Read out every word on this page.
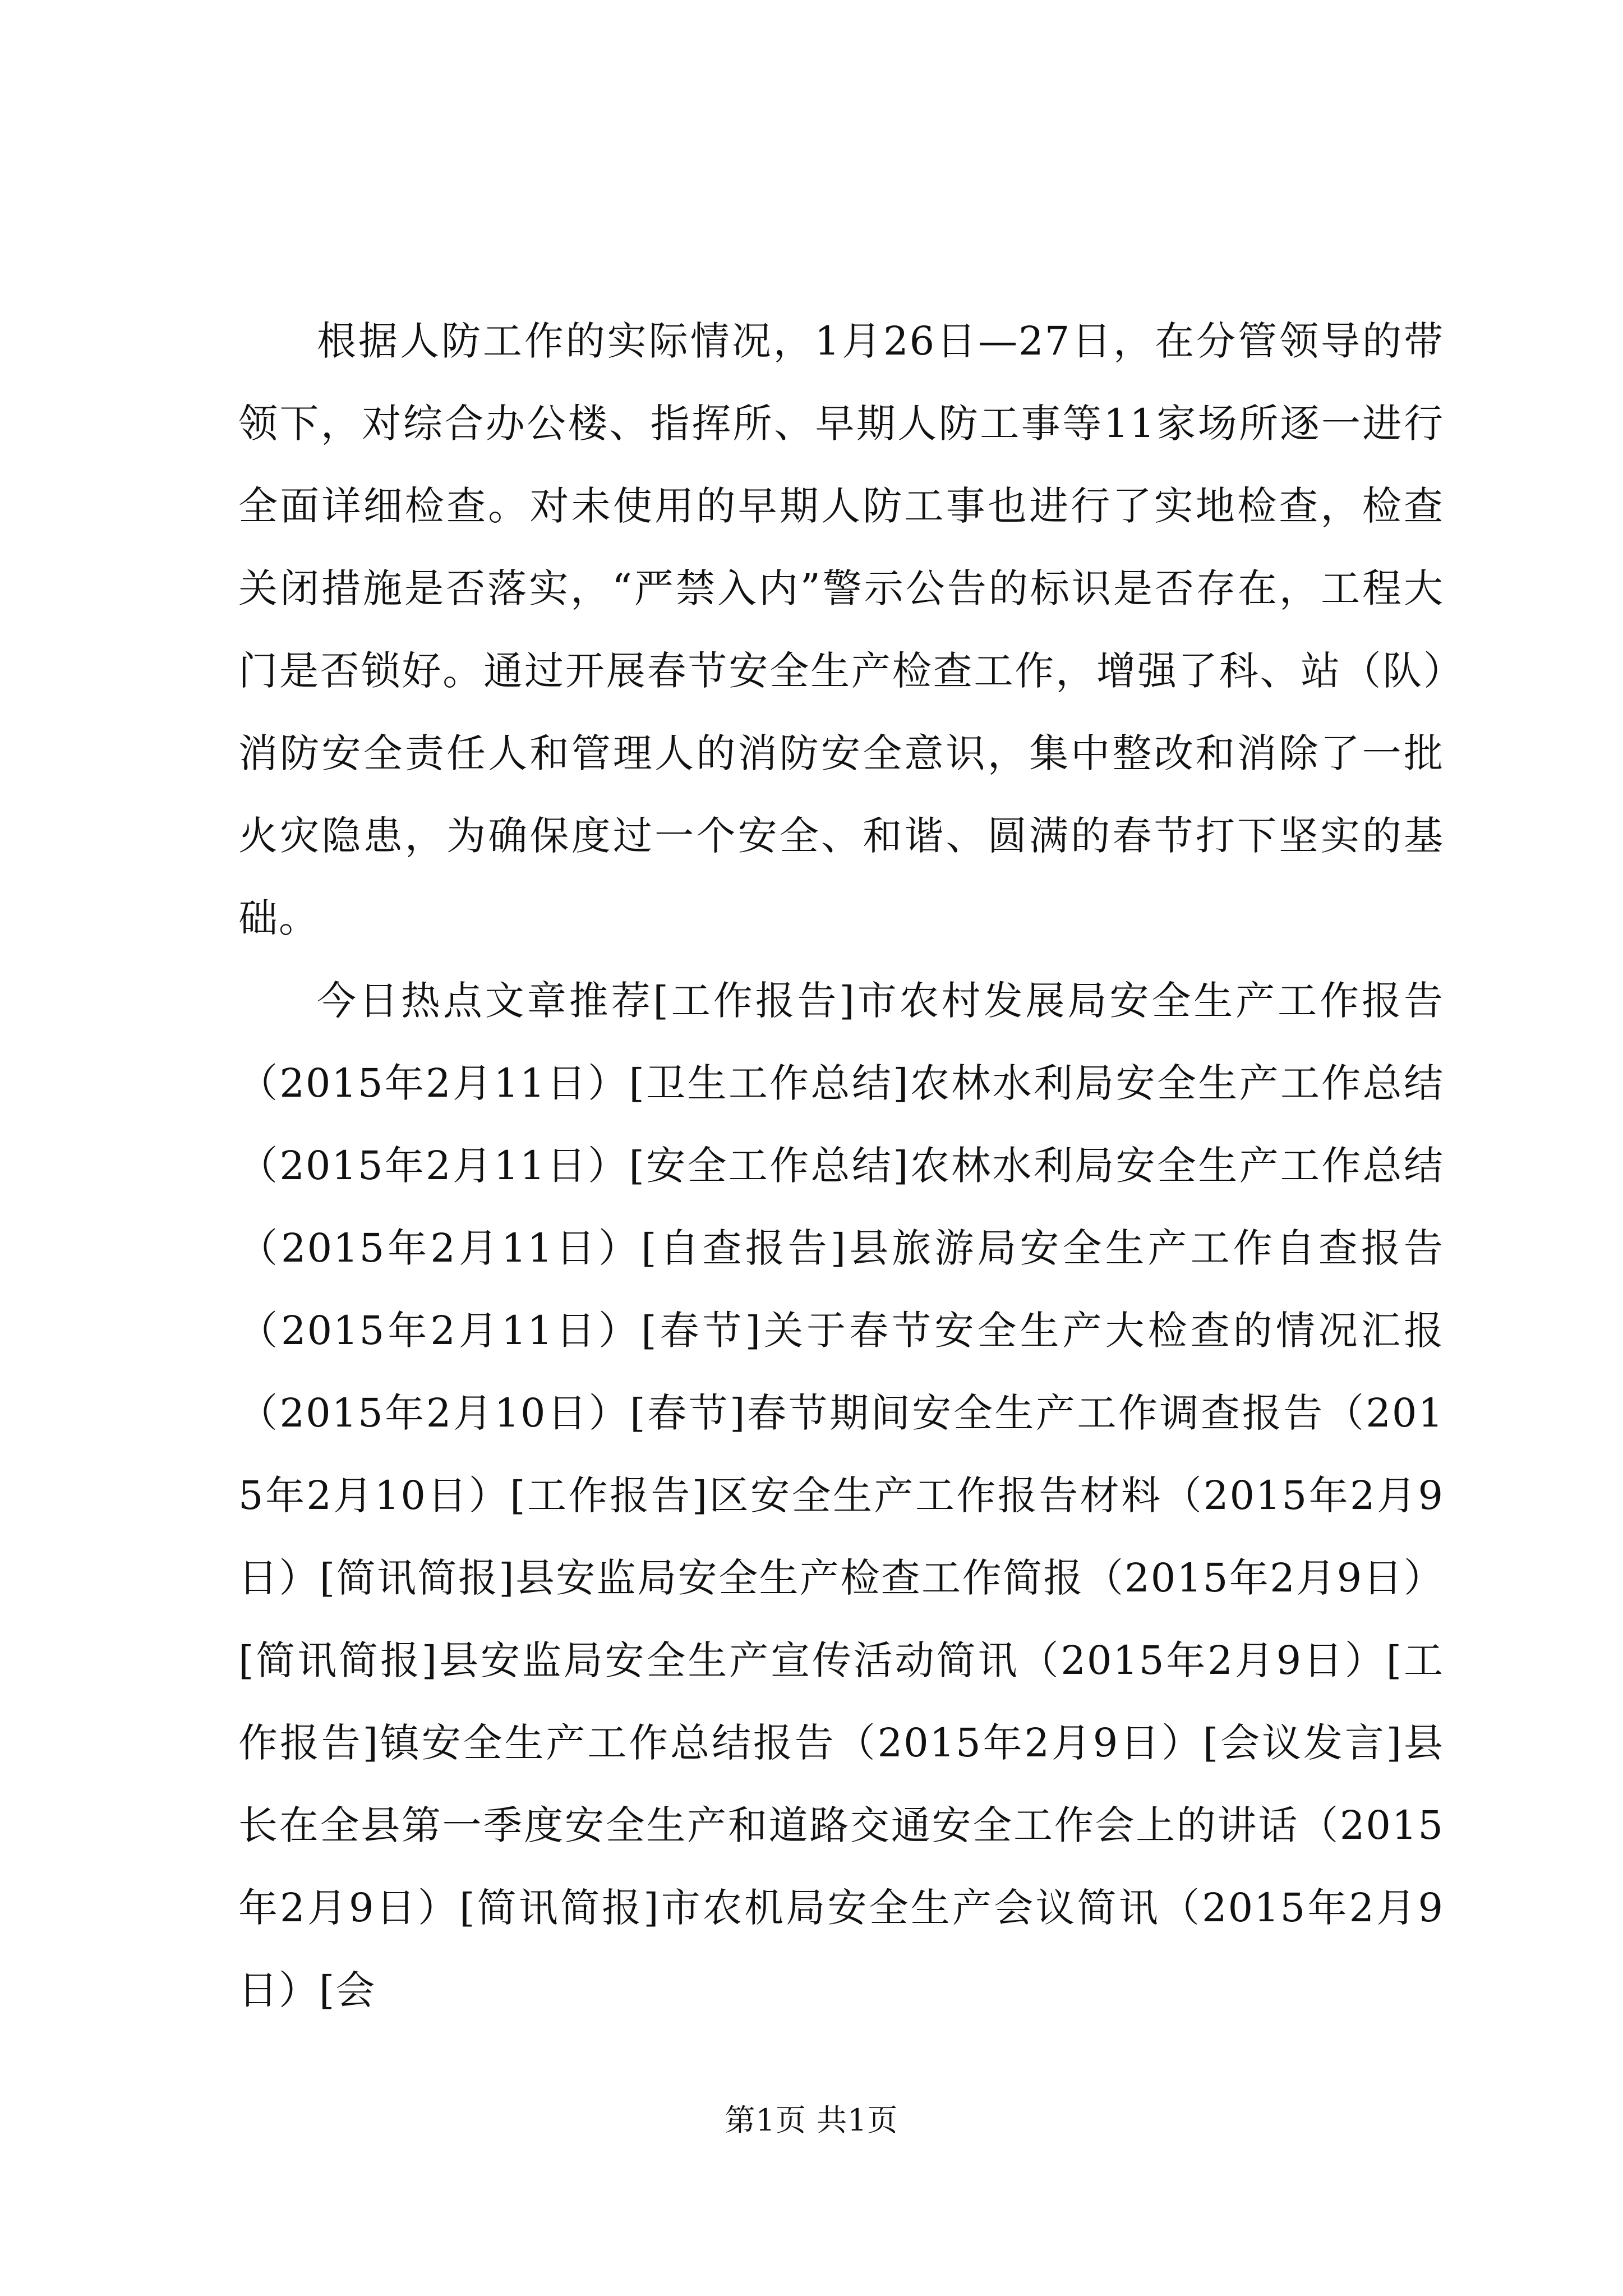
根据人防工作的实际情况，1月26日—27日，在分管领导的带领下，对综合办公楼、指挥所、早期人防工事等11家场所逐一进行全面详细检查。对未使用的早期人防工事也进行了实地检查，检查关闭措施是否落实，“严禁入内”警示公告的标识是否存在，工程大门是否锁好。通过开展春节安全生产检查工作，增强了科、站（队）消防安全责任人和管理人的消防安全意识，集中整改和消除了一批火灾隐患，为确保度过一个安全、和谐、圆满的春节打下坚实的基础。

今日热点文章推荐[工作报告]市农村发展局安全生产工作报告（2015年2月11日）[卫生工作总结]农林水利局安全生产工作总结（2015年2月11日）[安全工作总结]农林水利局安全生产工作总结（2015年2月11日）[自查报告]县旅游局安全生产工作自查报告（2015年2月11日）[春节]关于春节安全生产大检查的情况汇报（2015年2月10日）[春节]春节期间安全生产工作调查报告（2015年2月10日）[工作报告]区安全生产工作报告材料（2015年2月9日）[简讯简报]县安监局安全生产检查工作简报（2015年2月9日）[简讯简报]县安监局安全生产宣传活动简讯（2015年2月9日）[工作报告]镇安全生产工作总结报告（2015年2月9日）[会议发言]县长在全县第一季度安全生产和道路交通安全工作会上的讲话（2015年2月9日）[简讯简报]市农机局安全生产会议简讯（2015年2月9日）[会

第1页 共1页
